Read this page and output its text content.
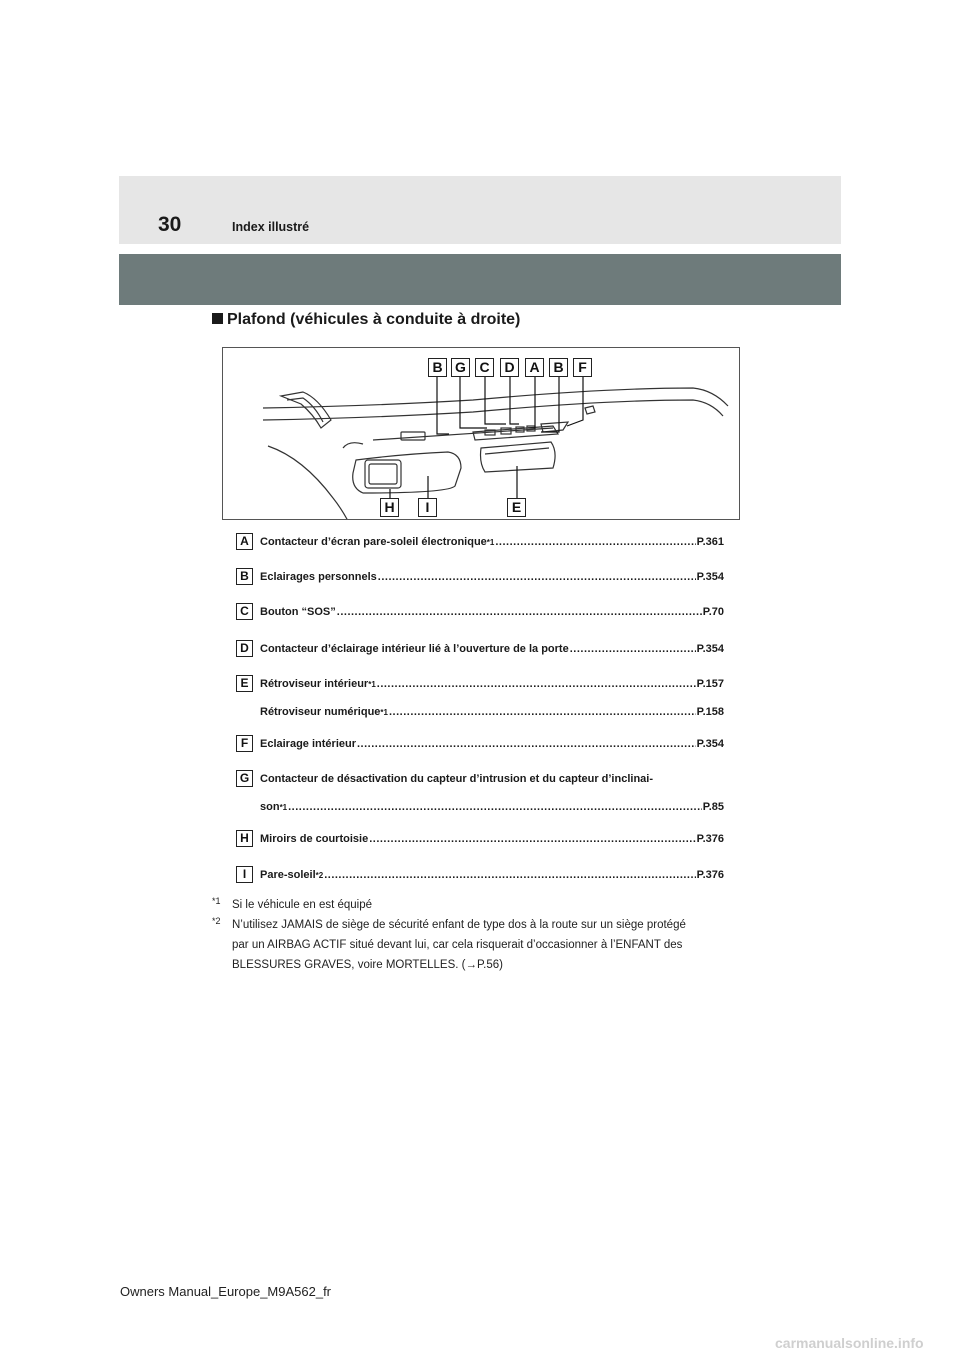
30	Index illustré
Plafond (véhicules à conduite à droite)
B G C	D	A B	F
H	I	E
A	Contacteur d’écran pare-soleil électronique *1 .....	P.361
B	Eclairages personnels .....	P.354
C	Bouton “SOS” .....	P.70
D	Contacteur d’éclairage intérieur lié à l’ouverture de la porte .....	P.354
E	Rétroviseur intérieur *1 .....	P.157
Rétroviseur numérique *1 .....	P.158
F	Eclairage intérieur .....	P.354
G Contacteur de désactivation du capteur d’intrusion et du capteur d’inclinai-
son *1 .....	P.85
H	Miroirs de courtoisie .....	P.376
I	Pare-soleil *2 .....	P.376
*1 Si le véhicule en est équipé
*2 N’utilisez JAMAIS de siège de sécurité enfant de type dos à la route sur un siège protégé
par un AIRBAG ACTIF situé devant lui, car cela risquerait d’occasionner à l’ENFANT des
BLESSURES GRAVES, voire MORTELLES. (→P.56)
Owners Manual_Europe_M9A562_fr
carmanualsonline.info
